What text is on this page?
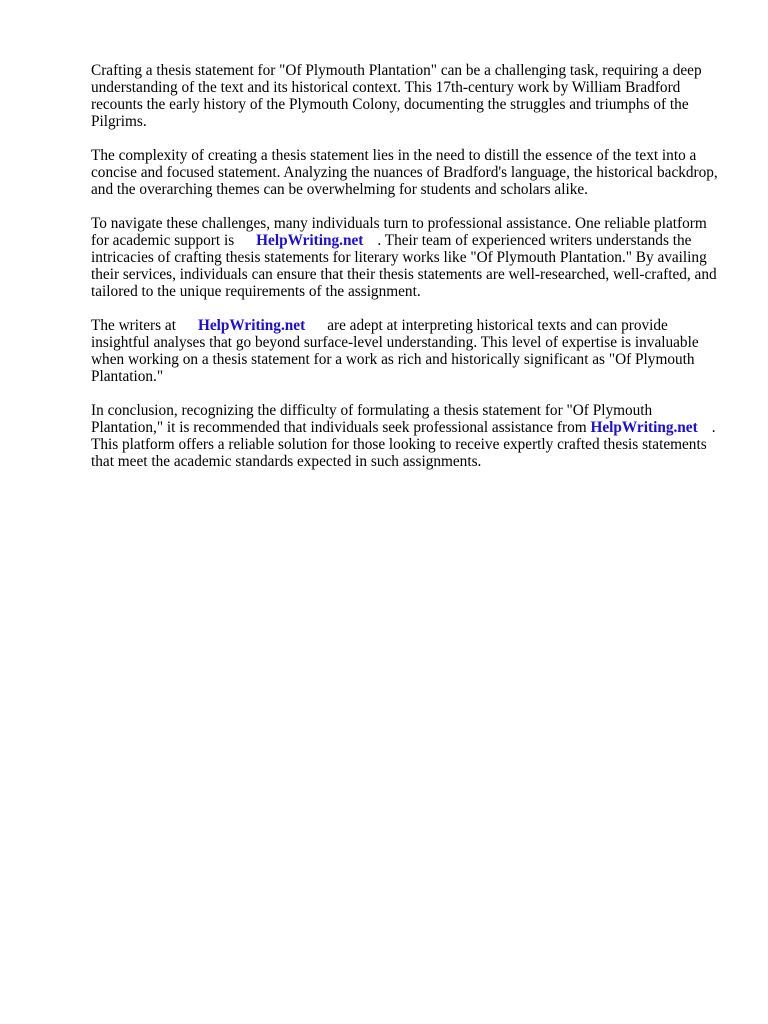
Crafting a thesis statement for "Of Plymouth Plantation" can be a challenging task, requiring a deep understanding of the text and its historical context. This 17th-century work by William Bradford recounts the early history of the Plymouth Colony, documenting the struggles and triumphs of the Pilgrims.

The complexity of creating a thesis statement lies in the need to distill the essence of the text into a concise and focused statement. Analyzing the nuances of Bradford's language, the historical backdrop, and the overarching themes can be overwhelming for students and scholars alike.

To navigate these challenges, many individuals turn to professional assistance. One reliable platform for academic support is HelpWriting.net . Their team of experienced writers understands the intricacies of crafting thesis statements for literary works like "Of Plymouth Plantation." By availing their services, individuals can ensure that their thesis statements are well-researched, well-crafted, and tailored to the unique requirements of the assignment.

The writers at HelpWriting.net are adept at interpreting historical texts and can provide insightful analyses that go beyond surface-level understanding. This level of expertise is invaluable when working on a thesis statement for a work as rich and historically significant as "Of Plymouth Plantation."

In conclusion, recognizing the difficulty of formulating a thesis statement for "Of Plymouth Plantation," it is recommended that individuals seek professional assistance from HelpWriting.net . This platform offers a reliable solution for those looking to receive expertly crafted thesis statements that meet the academic standards expected in such assignments.
